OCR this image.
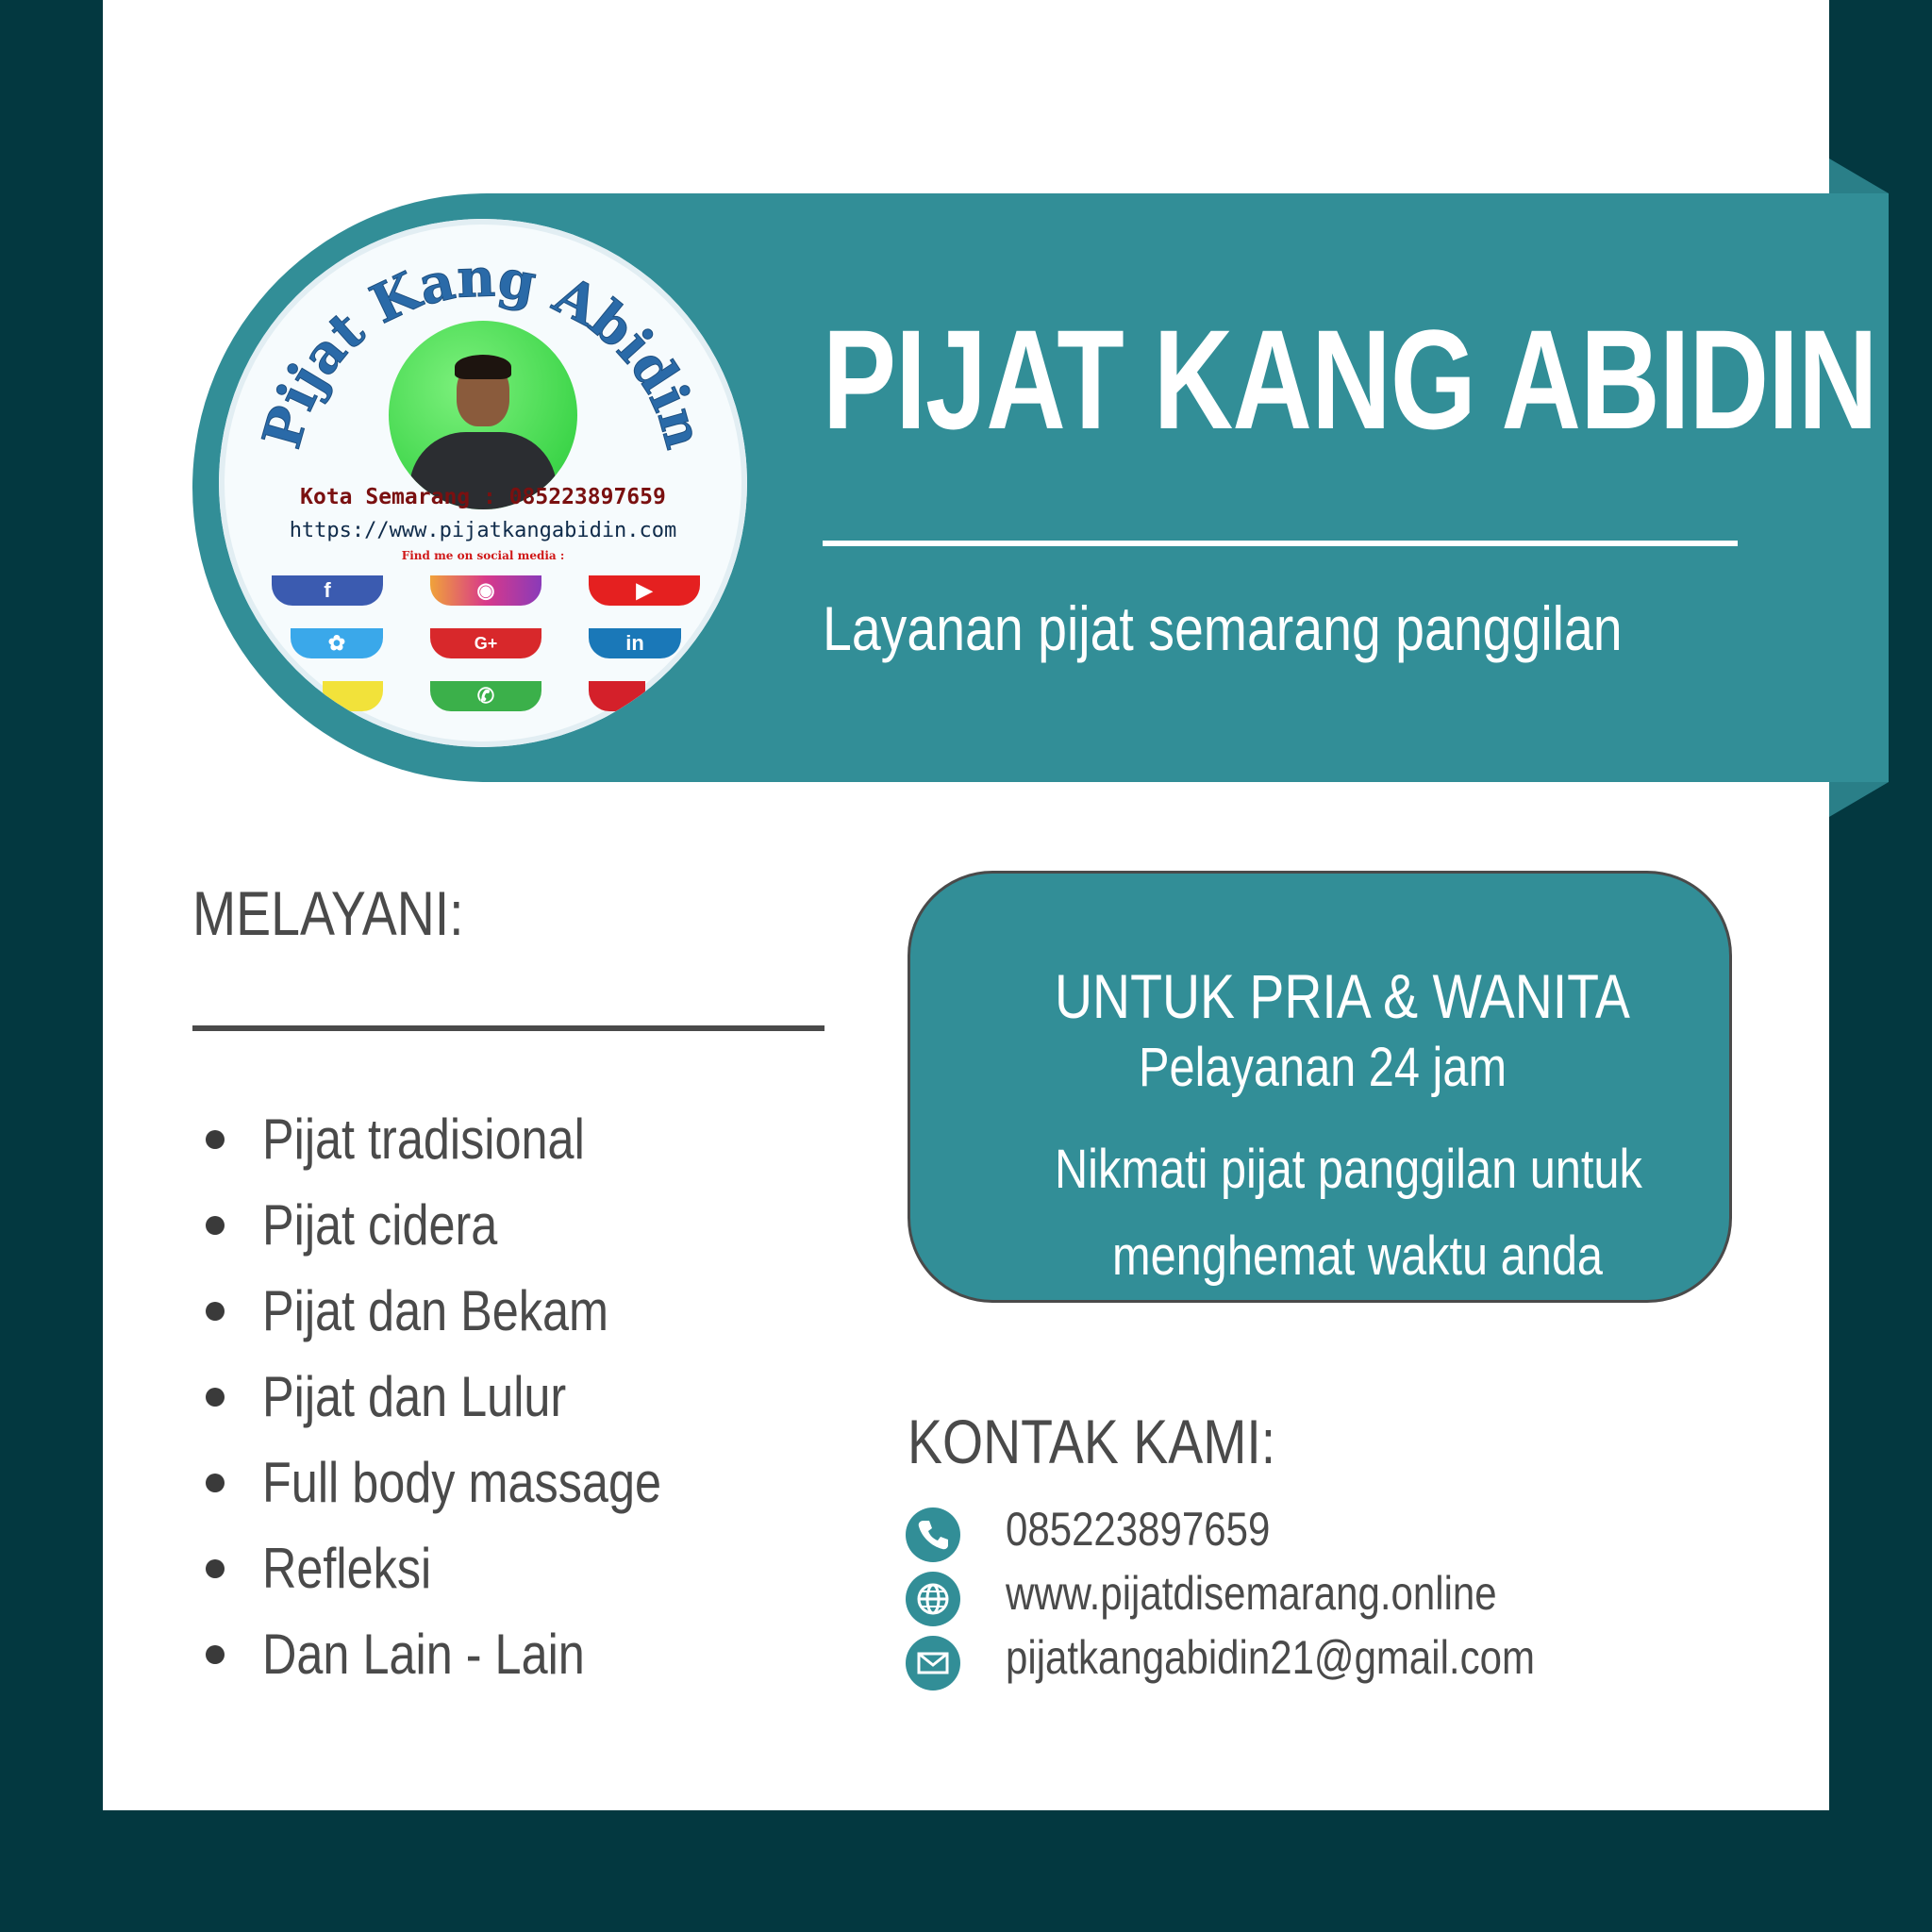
Pijat Kang Abidin
Kota Semarang : 085223897659
https://www.pijatkangabidin.com
Find me on social media :
f	◉	▶
✿	G+	in
✆
PIJAT KANG ABIDIN
Layanan pijat semarang panggilan
MELAYANI:
Pijat tradisional
Pijat cidera
Pijat dan Bekam
Pijat dan Lulur
Full body massage
Refleksi
Dan Lain - Lain
UNTUK PRIA & WANITA
Pelayanan 24 jam
Nikmati pijat panggilan untuk
menghemat waktu anda
KONTAK KAMI:
085223897659
www.pijatdisemarang.online
pijatkangabidin21@gmail.com
